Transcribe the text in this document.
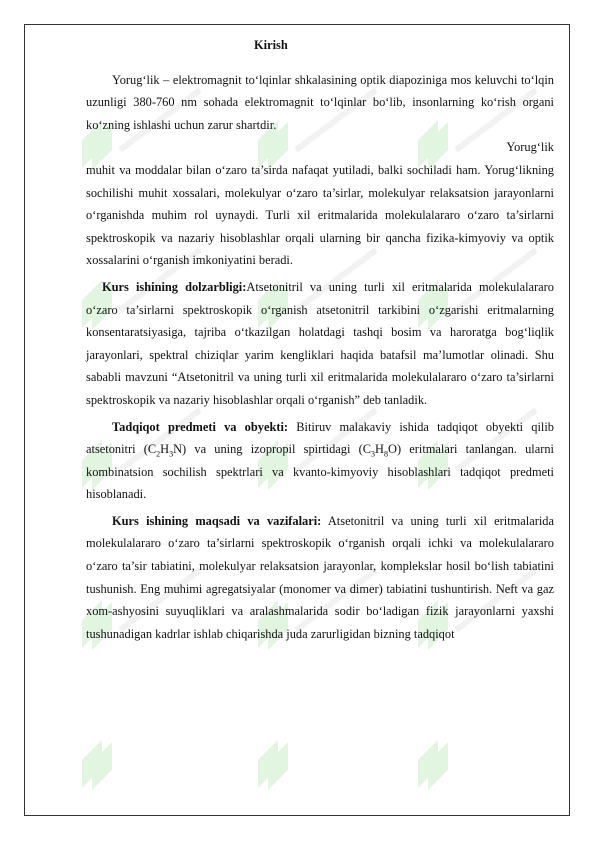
Kirish

Yorug‘lik – elektromagnit to‘lqinlar shkalasining optik diapoziniga mos keluvchi to‘lqin uzunligi 380-760 nm sohada elektromagnit to‘lqinlar bo‘lib, insonlarning ko‘rish organi ko‘zning ishlashi uchun zarur shartdir.

Yorug‘lik

muhit va moddalar bilan o‘zaro ta’sirda nafaqat yutiladi, balki sochiladi ham. Yorug‘likning sochilishi muhit xossalari, molekulyar o‘zaro ta’sirlar, molekulyar relaksatsion jarayonlarni o‘rganishda muhim rol uynaydi. Turli xil eritmalarida molekulalararo o‘zaro ta’sirlarni spektroskopik va nazariy hisoblashlar orqali ularning bir qancha fizika-kimyoviy va optik xossalarini o‘rganish imkoniyatini beradi.

Kurs ishining dolzarbligi:Atsetonitril va uning turli xil eritmalarida molekulalararo o‘zaro ta’sirlarni spektroskopik o‘rganish atsetonitril tarkibini o‘zgarishi eritmalarning konsentaratsiyasiga, tajriba o‘tkazilgan holatdagi tashqi bosim va haroratga bog‘liqlik jarayonlari, spektral chiziqlar yarim kengliklari haqida batafsil ma’lumotlar olinadi. Shu sababli mavzuni “Atsetonitril va uning turli xil eritmalarida molekulalararo o‘zaro ta’sirlarni spektroskopik va nazariy hisoblashlar orqali o‘rganish” deb tanladik.

Tadqiqot predmeti va obyekti: Bitiruv malakaviy ishida tadqiqot obyekti qilib atsetonitri $(C_2H_3N)$ va uning izopropil spirtidagi $(C_3H_8O)$ eritmalari tanlangan. ularni kombinatsion sochilish spektrlari va kvanto-kimyoviy hisoblashlari tadqiqot predmeti hisoblanadi.

Kurs ishining maqsadi va vazifalari: Atsetonitril va uning turli xil eritmalarida molekulalararo o‘zaro ta’sirlarni spektroskopik o‘rganish orqali ichki va molekulalararo o‘zaro ta’sir tabiatini, molekulyar relaksatsion jarayonlar, komplekslar hosil bo‘lish tabiatini tushunish. Eng muhimi agregatsiyalar (monomer va dimer) tabiatini tushuntirish. Neft va gaz xom-ashyosini suyuqliklari va aralashmalarida sodir bo‘ladigan fizik jarayonlarni yaxshi tushunadigan kadrlar ishlab chiqarishda juda zarurligidan bizning tadqiqot
